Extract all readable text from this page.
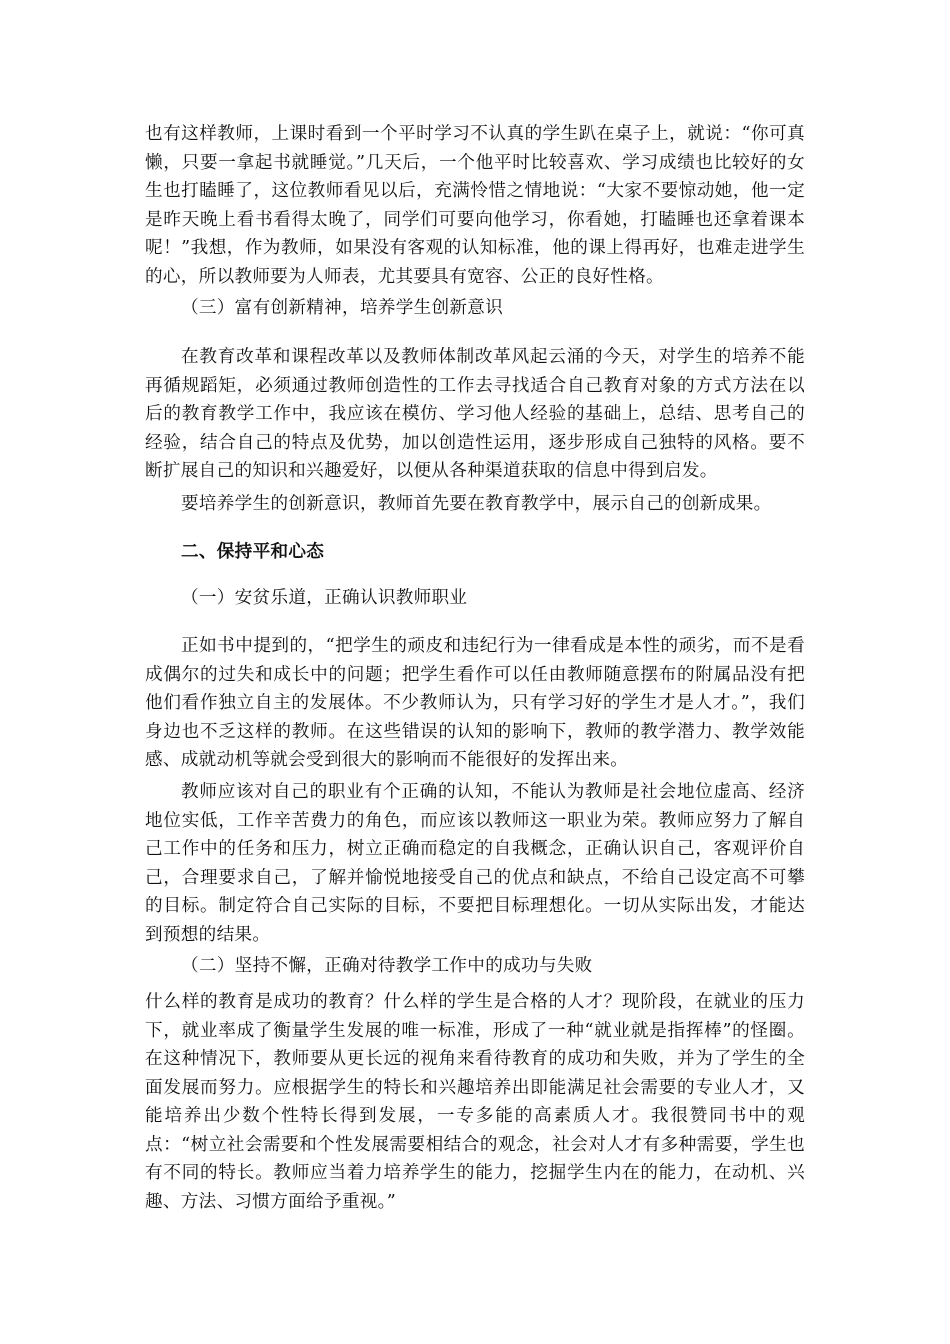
也有这样教师，上课时看到一个平时学习不认真的学生趴在桌子上，就说：“你可真懒，只要一拿起书就睡觉。”几天后，一个他平时比较喜欢、学习成绩也比较好的女生也打瞌睡了，这位教师看见以后，充满怜惜之情地说：“大家不要惊动她，他一定是昨天晚上看书看得太晚了，同学们可要向他学习，你看她，打瞌睡也还拿着课本呢！”我想，作为教师，如果没有客观的认知标准，他的课上得再好，也难走进学生的心，所以教师要为人师表，尤其要具有宽容、公正的良好性格。

（三）富有创新精神，培养学生创新意识

在教育改革和课程改革以及教师体制改革风起云涌的今天，对学生的培养不能再循规蹈矩，必须通过教师创造性的工作去寻找适合自己教育对象的方式方法在以后的教育教学工作中，我应该在模仿、学习他人经验的基础上，总结、思考自己的经验，结合自己的特点及优势，加以创造性运用，逐步形成自己独特的风格。要不断扩展自己的知识和兴趣爱好，以便从各种渠道获取的信息中得到启发。

要培养学生的创新意识，教师首先要在教育教学中，展示自己的创新成果。

二、保持平和心态

（一）安贫乐道，正确认识教师职业

正如书中提到的，“把学生的顽皮和违纪行为一律看成是本性的顽劣，而不是看成偶尔的过失和成长中的问题；把学生看作可以任由教师随意摆布的附属品没有把他们看作独立自主的发展体。不少教师认为，只有学习好的学生才是人才。”，我们身边也不乏这样的教师。在这些错误的认知的影响下，教师的教学潜力、教学效能感、成就动机等就会受到很大的影响而不能很好的发挥出来。

教师应该对自己的职业有个正确的认知，不能认为教师是社会地位虚高、经济地位实低，工作辛苦费力的角色，而应该以教师这一职业为荣。教师应努力了解自己工作中的任务和压力，树立正确而稳定的自我概念，正确认识自己，客观评价自己，合理要求自己，了解并愉悦地接受自己的优点和缺点，不给自己设定高不可攀的目标。制定符合自己实际的目标，不要把目标理想化。一切从实际出发，才能达到预想的结果。

（二）坚持不懈，正确对待教学工作中的成功与失败

什么样的教育是成功的教育？什么样的学生是合格的人才？现阶段，在就业的压力下，就业率成了衡量学生发展的唯一标准，形成了一种“就业就是指挥棒”的怪圈。在这种情况下，教师要从更长远的视角来看待教育的成功和失败，并为了学生的全面发展而努力。应根据学生的特长和兴趣培养出即能满足社会需要的专业人才，又能培养出少数个性特长得到发展，一专多能的高素质人才。我很赞同书中的观点：“树立社会需要和个性发展需要相结合的观念，社会对人才有多种需要，学生也有不同的特长。教师应当着力培养学生的能力，挖掘学生内在的能力，在动机、兴趣、方法、习惯方面给予重视。”
